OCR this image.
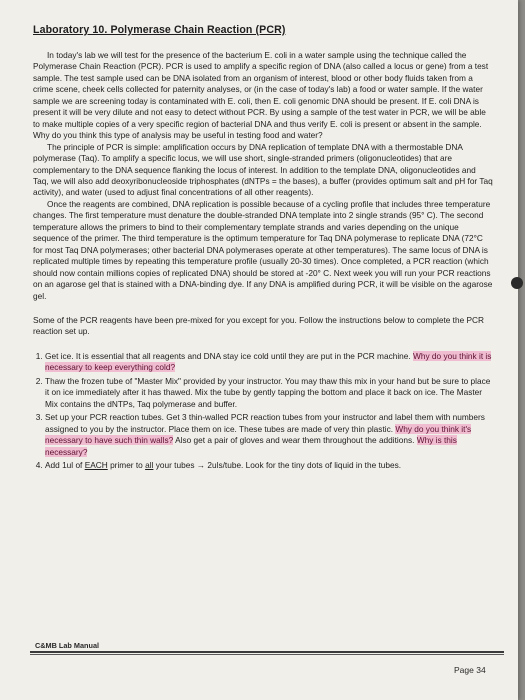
Laboratory 10. Polymerase Chain Reaction (PCR)

In today's lab we will test for the presence of the bacterium E. coli in a water sample using the technique called the Polymerase Chain Reaction (PCR). PCR is used to amplify a specific region of DNA (also called a locus or gene) from a test sample. The test sample used can be DNA isolated from an organism of interest, blood or other body fluids taken from a crime scene, cheek cells collected for paternity analyses, or (in the case of today's lab) a food or water sample. If the water sample we are screening today is contaminated with E. coli, then E. coli genomic DNA should be present. If E. coli DNA is present it will be very dilute and not easy to detect without PCR. By using a sample of the test water in PCR, we will be able to make multiple copies of a very specific region of bacterial DNA and thus verify E. coli is present or absent in the sample. Why do you think this type of analysis may be useful in testing food and water?

The principle of PCR is simple: amplification occurs by DNA replication of template DNA with a thermostable DNA polymerase (Taq). To amplify a specific locus, we will use short, single-stranded primers (oligonucleotides) that are complementary to the DNA sequence flanking the locus of interest. In addition to the template DNA, oligonucleotides and Taq, we will also add deoxyribonucleoside triphosphates (dNTPs = the bases), a buffer (provides optimum salt and pH for Taq activity), and water (used to adjust final concentrations of all other reagents).

Once the reagents are combined, DNA replication is possible because of a cycling profile that includes three temperature changes. The first temperature must denature the double-stranded DNA template into 2 single strands (95° C). The second temperature allows the primers to bind to their complementary template strands and varies depending on the unique sequence of the primer. The third temperature is the optimum temperature for Taq DNA polymerase to replicate DNA (72°C for most Taq DNA polymerases; other bacterial DNA polymerases operate at other temperatures). The same locus of DNA is replicated multiple times by repeating this temperature profile (usually 20-30 times). Once completed, a PCR reaction (which should now contain millions copies of replicated DNA) should be stored at -20° C. Next week you will run your PCR reactions on an agarose gel that is stained with a DNA-binding dye. If any DNA is amplified during PCR, it will be visible on the agarose gel.

Some of the PCR reagents have been pre-mixed for you except for you. Follow the instructions below to complete the PCR reaction set up.

1. Get ice. It is essential that all reagents and DNA stay ice cold until they are put in the PCR machine. Why do you think it is necessary to keep everything cold?
2. Thaw the frozen tube of "Master Mix" provided by your instructor. You may thaw this mix in your hand but be sure to place it on ice immediately after it has thawed. Mix the tube by gently tapping the bottom and place it back on ice. The Master Mix contains the dNTPs, Taq polymerase and buffer.
3. Set up your PCR reaction tubes. Get 3 thin-walled PCR reaction tubes from your instructor and label them with numbers assigned to you by the instructor. Place them on ice. These tubes are made of very thin plastic. Why do you think it's necessary to have such thin walls? Also get a pair of gloves and wear them throughout the additions. Why is this necessary?
4. Add 1ul of EACH primer to all your tubes → 2uls/tube. Look for the tiny dots of liquid in the tubes.
C&MB Lab Manual
Page 34
